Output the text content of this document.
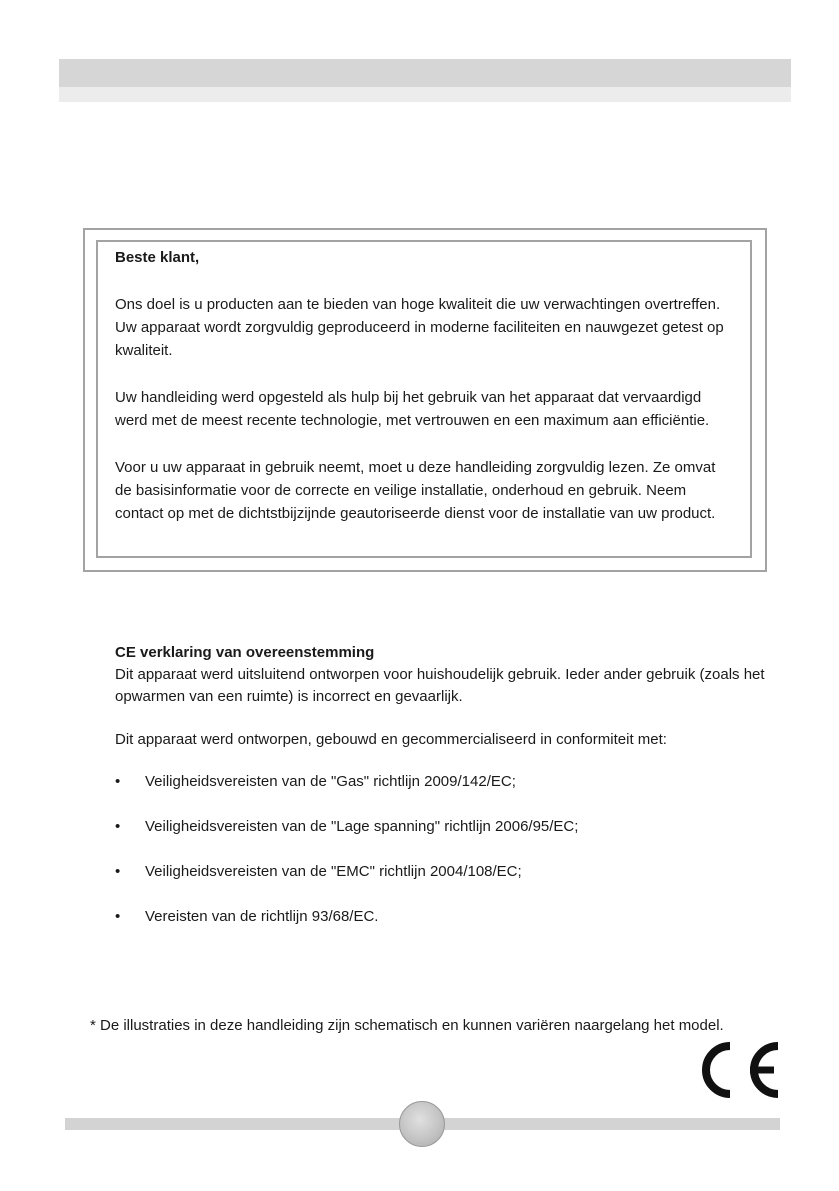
Beste klant,

Ons doel is u producten aan te bieden van hoge kwaliteit die uw verwachtingen overtreffen. Uw apparaat wordt zorgvuldig geproduceerd in moderne faciliteiten en nauwgezet getest op kwaliteit.

Uw handleiding werd opgesteld als hulp bij het gebruik van het apparaat dat vervaardigd werd met de meest recente technologie, met vertrouwen en een maximum aan efficiëntie.

Voor u uw apparaat in gebruik neemt, moet u deze handleiding zorgvuldig lezen. Ze omvat de basisinformatie voor de correcte en veilige installatie, onderhoud en gebruik. Neem contact op met de dichtstbijzijnde geautoriseerde dienst voor de installatie van uw product.

CE verklaring van overeenstemming

Dit apparaat werd uitsluitend ontworpen voor huishoudelijk gebruik. Ieder ander gebruik (zoals het opwarmen van een ruimte) is incorrect en gevaarlijk.

Dit apparaat werd ontworpen, gebouwd en gecommercialiseerd in conformiteit met:

• Veiligheidsvereisten van de "Gas" richtlijn 2009/142/EC;
• Veiligheidsvereisten van de "Lage spanning" richtlijn 2006/95/EC;
• Veiligheidsvereisten van de "EMC" richtlijn 2004/108/EC;
• Vereisten van de richtlijn 93/68/EC.
* De illustraties in deze handleiding zijn schematisch en kunnen variëren naargelang het model.
